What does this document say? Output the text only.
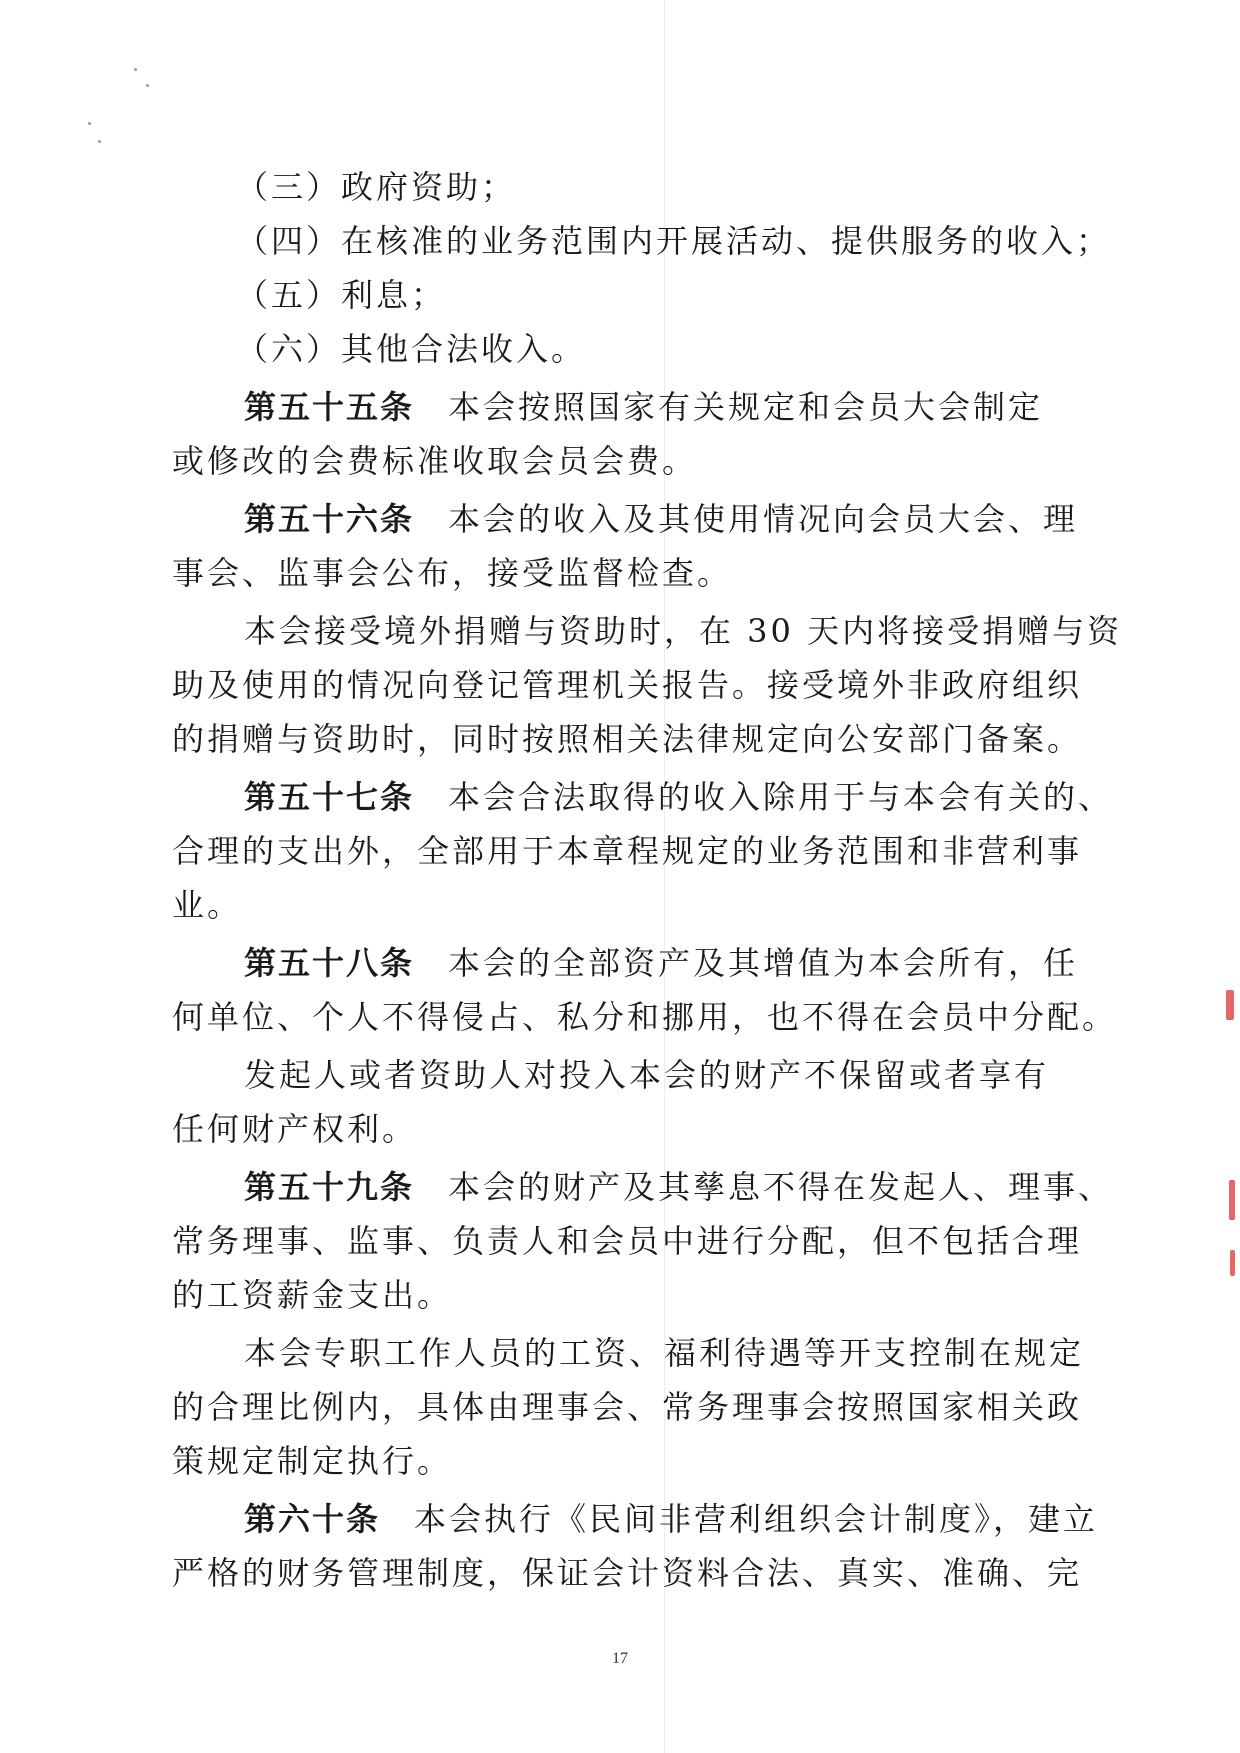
（三）政府资助；
（四）在核准的业务范围内开展活动、提供服务的收入；
（五）利息；
（六）其他合法收入。
第五十五条 本会按照国家有关规定和会员大会制定
或修改的会费标准收取会员会费。
第五十六条 本会的收入及其使用情况向会员大会、理
事会、监事会公布，接受监督检查。
本会接受境外捐赠与资助时，在 30 天内将接受捐赠与资
助及使用的情况向登记管理机关报告。接受境外非政府组织
的捐赠与资助时，同时按照相关法律规定向公安部门备案。
第五十七条 本会合法取得的收入除用于与本会有关的、
合理的支出外，全部用于本章程规定的业务范围和非营利事
业。
第五十八条 本会的全部资产及其增值为本会所有，任
何单位、个人不得侵占、私分和挪用，也不得在会员中分配。
发起人或者资助人对投入本会的财产不保留或者享有
任何财产权利。
第五十九条 本会的财产及其孳息不得在发起人、理事、
常务理事、监事、负责人和会员中进行分配，但不包括合理
的工资薪金支出。
本会专职工作人员的工资、福利待遇等开支控制在规定
的合理比例内，具体由理事会、常务理事会按照国家相关政
策规定制定执行。
第六十条 本会执行《民间非营利组织会计制度》，建立
严格的财务管理制度，保证会计资料合法、真实、准确、完
17
